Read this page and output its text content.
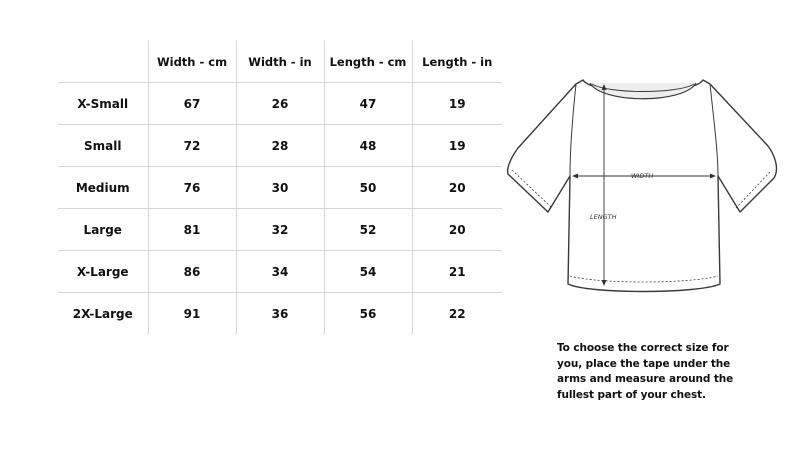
	Width - cm	Width - in	Length - cm	Length - in
X-Small	67	26	47	19
Small	72	28	48	19
Medium	76	30	50	20
Large	81	32	52	20
X-Large	86	34	54	21
2X-Large	91	36	56	22
WIDTH
LENGTH

To choose the correct size for you, place the tape under the arms and measure around the fullest part of your chest.
